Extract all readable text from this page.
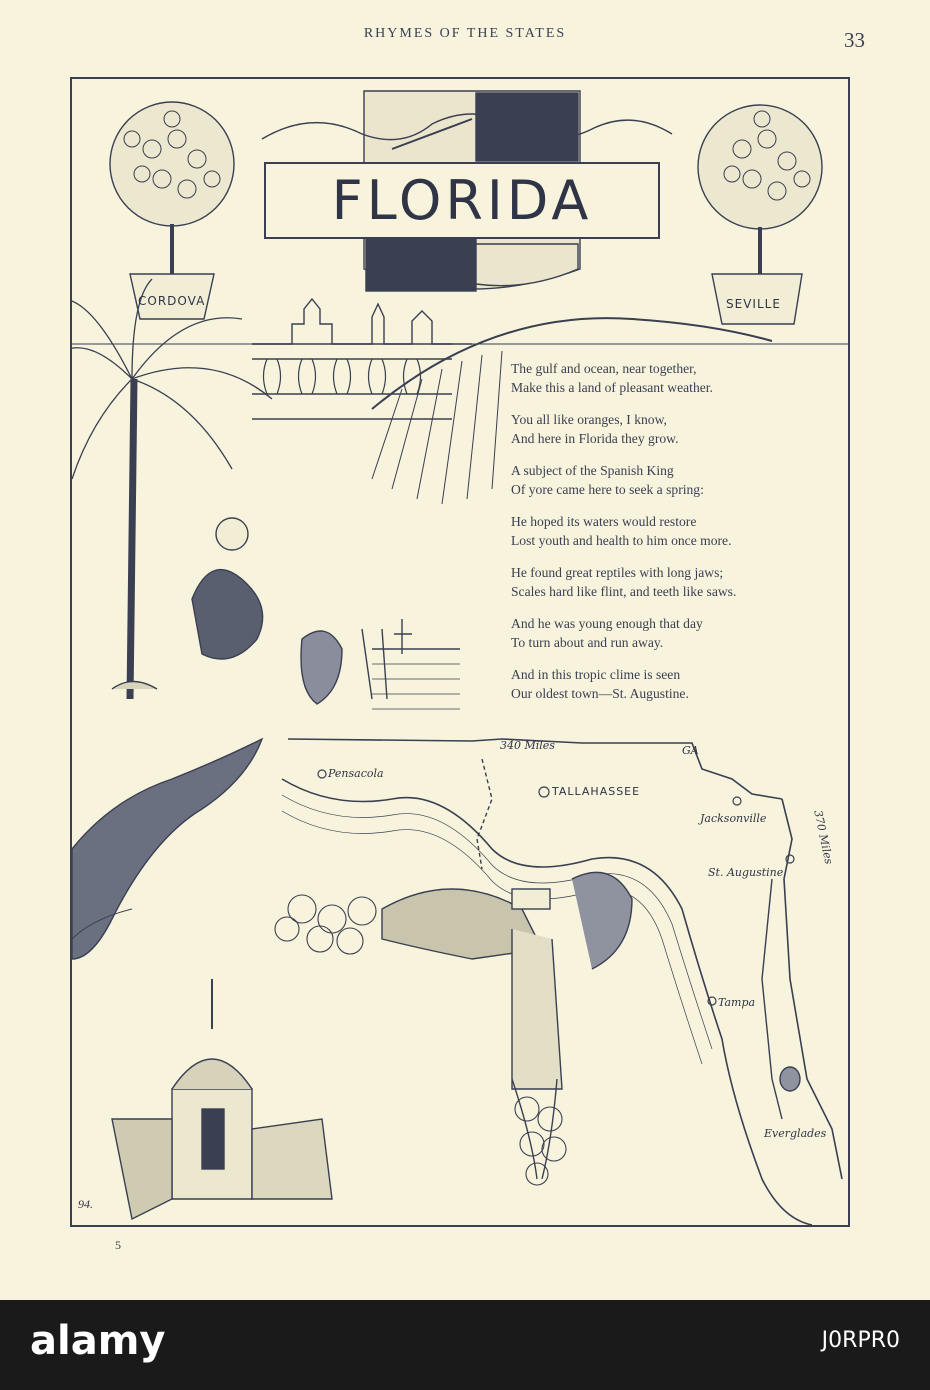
RHYMES OF THE STATES	33
FLORIDA
CORDOVA	SEVILLE
The gulf and ocean, near together,
Make this a land of pleasant weather.
You all like oranges, I know,
And here in Florida they grow.
A subject of the Spanish King
Of yore came here to seek a spring:
He hoped its waters would restore
Lost youth and health to him once more.
He found great reptiles with long jaws;
Scales hard like flint, and teeth like saws.
And he was young enough that day
To turn about and run away.
And in this tropic clime is seen
Our oldest town—St. Augustine.
340 Miles	GA
370 Miles
Pensacola
TALLAHASSEE
Jacksonville
St. Augustine
Tampa
Everglades
94.
5
alamy	J0RPR0
